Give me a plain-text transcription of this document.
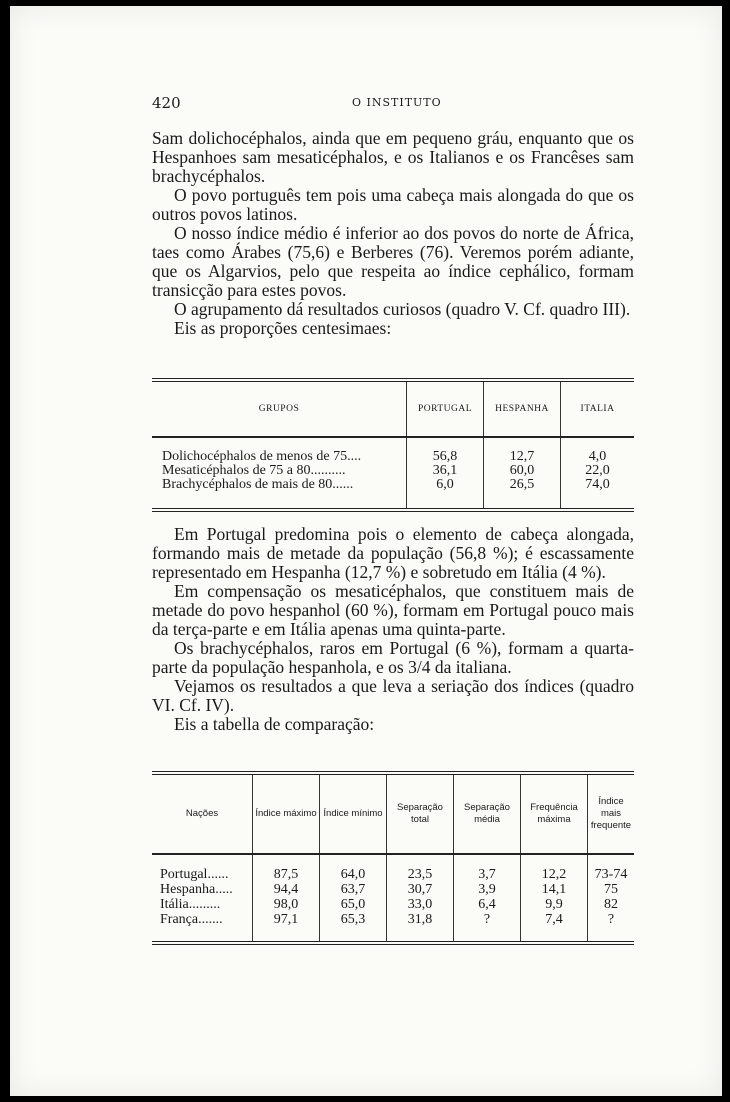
420	O INSTITUTO

Sam dolichocéphalos, ainda que em pequeno gráu, enquanto que os Hespanhoes sam mesaticéphalos, e os Italianos e os Francêses sam brachycéphalos.

O povo português tem pois uma cabeça mais alongada do que os outros povos latinos.

O nosso índice médio é inferior ao dos povos do norte de África, taes como Árabes (75,6) e Berberes (76). Veremos porém adiante, que os Algarvios, pelo que respeita ao índice cephálico, formam transicção para estes povos.

O agrupamento dá resultados curiosos (quadro V. Cf. quadro III).

Eis as proporções centesimaes:

GRUPOS	PORTUGAL	HESPANHA	ITALIA
Dolichocéphalos de menos de 75....	56,8	12,7	4,0
Mesaticéphalos de 75 a 80..........	36,1	60,0	22,0
Brachycéphalos de mais de 80......	6,0	26,5	74,0

Em Portugal predomina pois o elemento de cabeça alongada, formando mais de metade da população (56,8 %); é escassamente representado em Hespanha (12,7 %) e sobretudo em Itália (4 %).

Em compensação os mesaticéphalos, que constituem mais de metade do povo hespanhol (60 %), formam em Portugal pouco mais da terça-parte e em Itália apenas uma quinta-parte.

Os brachycéphalos, raros em Portugal (6 %), formam a quarta-parte da população hespanhola, e os 3/4 da italiana.

Vejamos os resultados a que leva a seriação dos índices (quadro VI. Cf. IV).

Eis a tabella de comparação:

Nações	Índice máximo	Índice mínimo	Separação total	Separação média	Frequência máxima	Índice mais frequente
Portugal......	87,5	64,0	23,5	3,7	12,2	73-74
Hespanha.....	94,4	63,7	30,7	3,9	14,1	75
Itália.........	98,0	65,0	33,0	6,4	9,9	82
França.......	97,1	65,3	31,8	?	7,4	?
